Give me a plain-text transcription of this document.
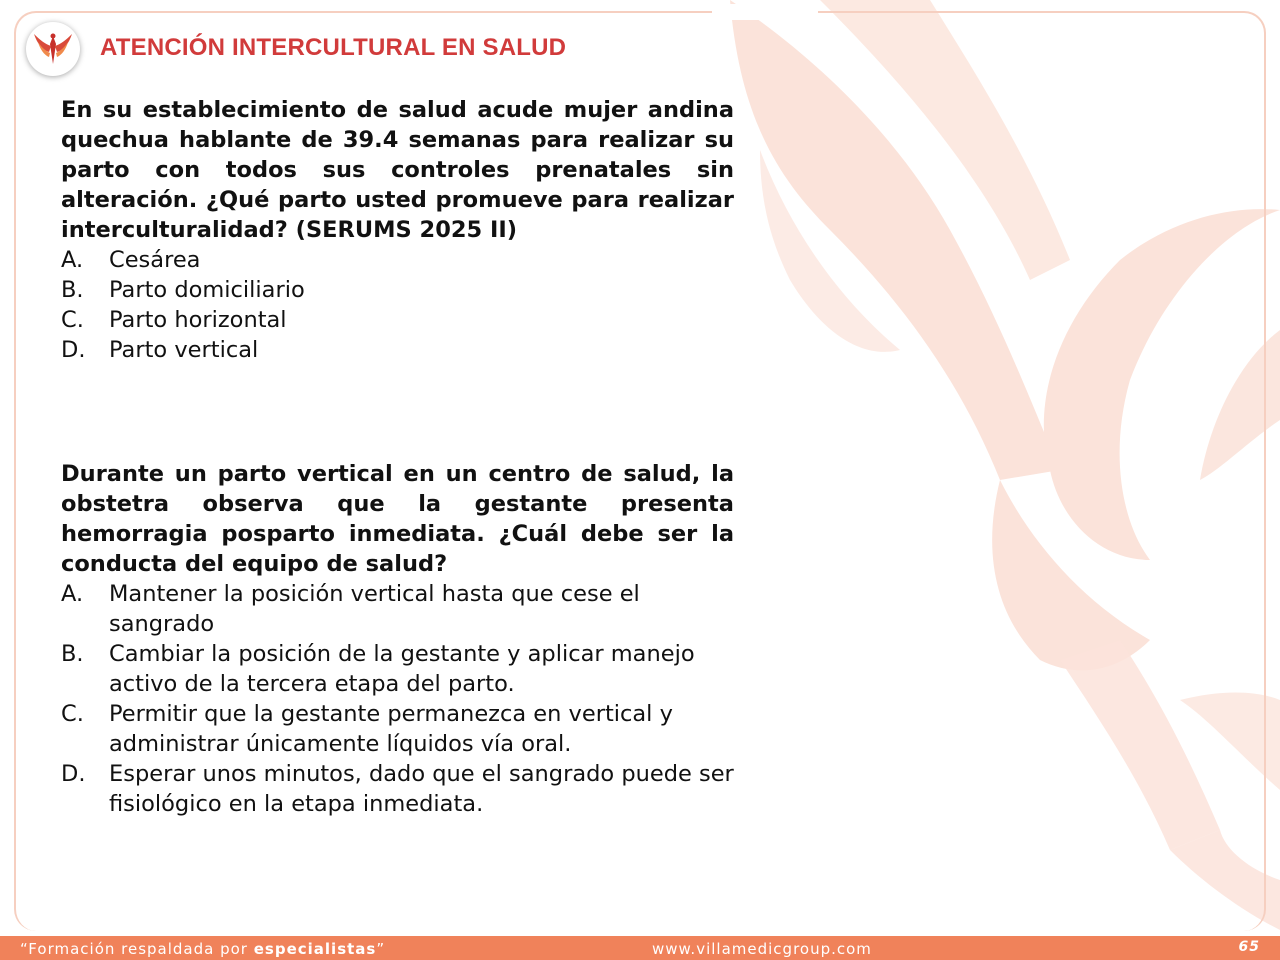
ATENCIÓN INTERCULTURAL EN SALUD
En su establecimiento de salud acude mujer andina quechua hablante de 39.4 semanas para realizar su parto con todos sus controles prenatales sin alteración. ¿Qué parto usted promueve para realizar interculturalidad? (SERUMS 2025 II)
A.	Cesárea
B.	Parto domiciliario
C.	Parto horizontal
D.	Parto vertical
Durante un parto vertical en un centro de salud, la obstetra observa que la gestante presenta hemorragia posparto inmediata. ¿Cuál debe ser la conducta del equipo de salud?
A.	Mantener la posición vertical hasta que cese el sangrado
B.	Cambiar la posición de la gestante y aplicar manejo activo de la tercera etapa del parto.
C.	Permitir que la gestante permanezca en vertical y administrar únicamente líquidos vía oral.
D.	Esperar unos minutos, dado que el sangrado puede ser fisiológico en la etapa inmediata.
“Formación respaldada por especialistas”	www.villamedicgroup.com	65
